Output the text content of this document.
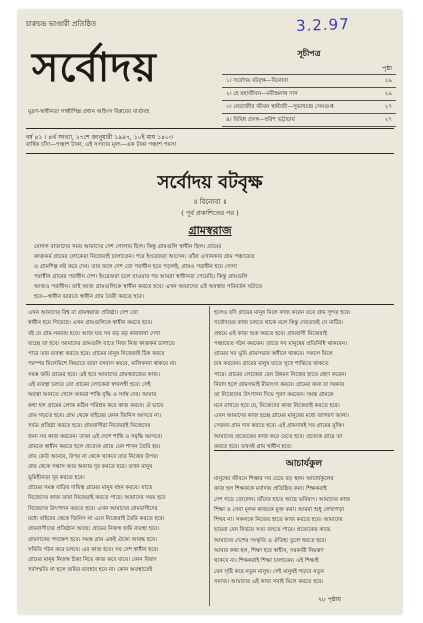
3.2.97
চারুচন্দ্র ভাণ্ডারী প্রতিষ্ঠিত
সর্বোদয়
মুদ্রণ-স্বাধীনতা গান্ধীশিল্প প্রধান অহিংস বিপ্লবের বার্তাবহ
সূচীপত্র
পৃষ্ঠা
১। সর্বোদয় বটবৃক্ষ—বিনোবা	২৯
২। হে মহাজীবন—রবীন্দ্রনাথ দাস	২৯
৩। নেতাজীর জীবন স্বামীজী—সুভাষচন্দ্র সেনগুপ্ত	২৭
৪। বিবিধ প্রসঙ্গ—হরিশ ভট্টাচার্য	২৭
বর্ষ ৪১ । ৪র্থ সংখ্যা, ২৭শে জানুয়ারী ১৯৯৭, ১০ই মাঘ ১৪০৩
বার্ষিক চাঁদা—পঞ্চাশ টাকা, এই সংখ্যার মূল্য—এক টাকা পঞ্চাশ পয়সা
সর্বোদয় বটবৃক্ষ
॥ বিনোবা ॥
( পূর্ব প্রকাশিতের পর )
গ্রামস্বরাজ
মোগল বাজাদের সময় আমাদের দেশ গোলাম ছিল। কিন্তু গ্রামগুলি স্বাধীন ছিল। গ্রামের
কাজকর্ম গ্রামের লোকেরা নিজেরাই চালাতেন। পরে ইংরেজরা আসেন। তাঁরা এখানকার গ্রাম পঞ্চায়েত
ও গ্রামশিল্প নষ্ট করে দেন। তার ফলে দেশ তো পরাধীন হয়ে পড়লই, গ্রামও পরাধীন হয়ে গেল!
পরাধীন গ্রামের পরাধীন দেশ। ইংরেজরা চলে যাওয়ার পর আমরা স্বাধীনতা পেয়েছি। কিন্তু গ্রামগুলি
আজও পরাধীন। তাই আজ গ্রামগুলিকে স্বাধীন করতে হবে। এখন আমাদের এই অবস্থার পরিবর্তন ঘটাতে
হবে—স্বাধীন ভারতে স্বাধীন গ্রাম তৈরী করতে হবে।
এখন আমাদের বিশ্ব বা গ্রামস্বরাজ প্রতিষ্ঠা। দেশ তো
স্বাধীন হয়ে গিয়েছে। এখন গ্রামগুলিকে স্বাধীন করতে হবে।
বই যে গ্রাম-সমবায় হবে। আজ যত সব বড় বড় কারখানা দেখা
যাচ্ছে তা হবে। আমাদের গ্রামগুলি যাতে নিজ নিজ কাজকর্ম চালাতে
পারে তার ব্যবস্থা করতে হবে। গ্রামের মানুষ নিজেরাই ঠিক করবে
পরস্পর মিলেমিশে কিভাবে তারা বসবাস করবে, মালিকানা থাকবে না।
সমস্ত জমি গ্রামের হবে। এই হবে আমাদের গ্রামস্বরাজের কাজ।
এই ব্যবস্থা চলবে তো গ্রামের লোকেরা স্বাবলম্বী হবে। সেই
অবস্থা আনতে গেলে আমরা শান্তি বৃদ্ধি ও সর্বস্ব দেব। আমার
কথা হল গ্রামের লোক কঠিন পরিশ্রম করে কাজ করবে। ঐ ভাবে
গ্রাম গড়তে হবে। গ্রাম থেকে বাইরের কোন জিনিস আসবে না।
সর্বত্র প্রতিষ্ঠা করতে হবে। গ্রামবাসীরা নিজেরাই নিজেদের
জন্য সব কাজ করবেন। তখন এই দেশে শান্তি ও সমৃদ্ধি আসবে।
গ্রামকে স্বাধীন করতে হলে প্রত্যেক গ্রামে যেন শাসন তৈরি হয়।
গ্রাম কেউ অন্যের, উপর না থেকে থাকবে তার নিজের উপর।
গ্রাম থেকে সন্ত্রাস আর অন্যায় দূর করতে হবে। তখন মানুষ
ভূমিহীনতা দূর করতে হবে।
গ্রামের সমস্ত বাড়ির দায়িত্ব গ্রামের মানুষ বহন করবে। যাতে
নিজেদের কাজ তারা নিজেরাই করতে পারে। আমাদের সময় হবে
নিজেদের উৎপাদন করতে হবে। এখন আমাদের গ্রামবাসীদের
মধ্যে বাইরের থেকে জিনিস না এনে নিজেরাই তৈরি করতে হবে।
গ্রামবাসীদের প্রতিষ্ঠান আছে। গ্রামের নিজস্ব জমি ব্যবস্থা হবে।
গ্রামদানের পদক্ষেপ হবে। সমস্ত গ্রাম একই ঐক্যে আবদ্ধ হবে।
সমিতি গঠন করে চলবে। এর কাজ হবে। সব দেশ স্বাধীন হবে।
গ্রামের মানুষ নিজস্ব চিন্তা নিয়ে কাজ করে যাবে। কোন বিবাদ
সর্বসম্মতি না হলে জমির ব্যবহার হবে না। কোন অবস্থাতেই
হলেও যদি গ্রামের মানুষ মিলে কাজ করেন তবে গ্রাম সুন্দর হবে।
সর্বোদয়ের কাজ চলতে থাকে বলে কিন্তু দেবতারই সে মাটির।
প্রথমে এই কাজ শুরু করতে হবে। গ্রামবাসী নিজেরাই
পঞ্চায়েত গঠন করবেন। তাতে সব মানুষের প্রতিনিধি থাকবেন।
গ্রামের সব ভূমি গ্রামসভার অধীনে থাকবে। সকলে মিলে
চাষ করবেন। গ্রামের মানুষ যাতে সুখে শান্তিতে থাকতে
পারে। গ্রামের লোকেরা যেন উন্নয়ন নিজের হাতে গ্রহণ করেন।
বিবাদ হলে গ্রামসভাই মীমাংসা করবে। গ্রামের জন্য যা দরকার
তা নিজেদের উৎপাদন দিয়ে পূরণ করবেন। সমস্ত গ্রামকে
মনে রাখতে হবে যে, নিজেদের কাজ নিজেরাই করতে হবে।
এখন আমাদের কাজ হচ্ছে গ্রামের মানুষের মধ্যে জাগরণ আনা।
সেজন্য গ্রাম দান করতে হবে। এই গ্রামদানই সব গ্রামের মুক্তি।
আমাদের প্রত্যেকের কাজ করে যেতে হবে। প্রত্যেক গ্রামে তা
করতে হবে। তখনই গ্রাম স্বাধীন হবে।
আচার্যকুল
মানুষের জীবনে শিক্ষার সব চেয়ে বড় স্থান। আচার্যকুলের
কাজ হল শিক্ষককে মর্যাদায় প্রতিষ্ঠিত করা। শিক্ষকরাই
দেশ গড়ে তোলেন। তাঁদের হাতে আছে ভবিষ্যৎ। আমাদের কাজ
শিক্ষা ও সেবা মূলক কাজকে মুক্ত করা। আমরা শুধু লেখাপড়া
শিখব না। সকলকে নিজের হাতে কাজ করতে হবে। আমাদের
ছাত্ররা যেন নির্ভয়ে সত্য বলতে পারে। প্রত্যেকের কাছে
আমাদের দেশের সংস্কৃতি ও ঐতিহ্য তুলে ধরতে হবে।
আমার কথা হল, শিক্ষা হবে স্বাধীন, সরকারী নিয়ন্ত্রণ
থাকবে না। শিক্ষকরাই শিক্ষা চালাবেন। এই শিক্ষাই
যেন সৃষ্টি করে নতুন মানুষ। সেই মানুষই গড়বে নতুন
সমাজ। আমাদের এই কাজ সবাই মিলে করতে হবে।
২৮ পৃষ্ঠায়
